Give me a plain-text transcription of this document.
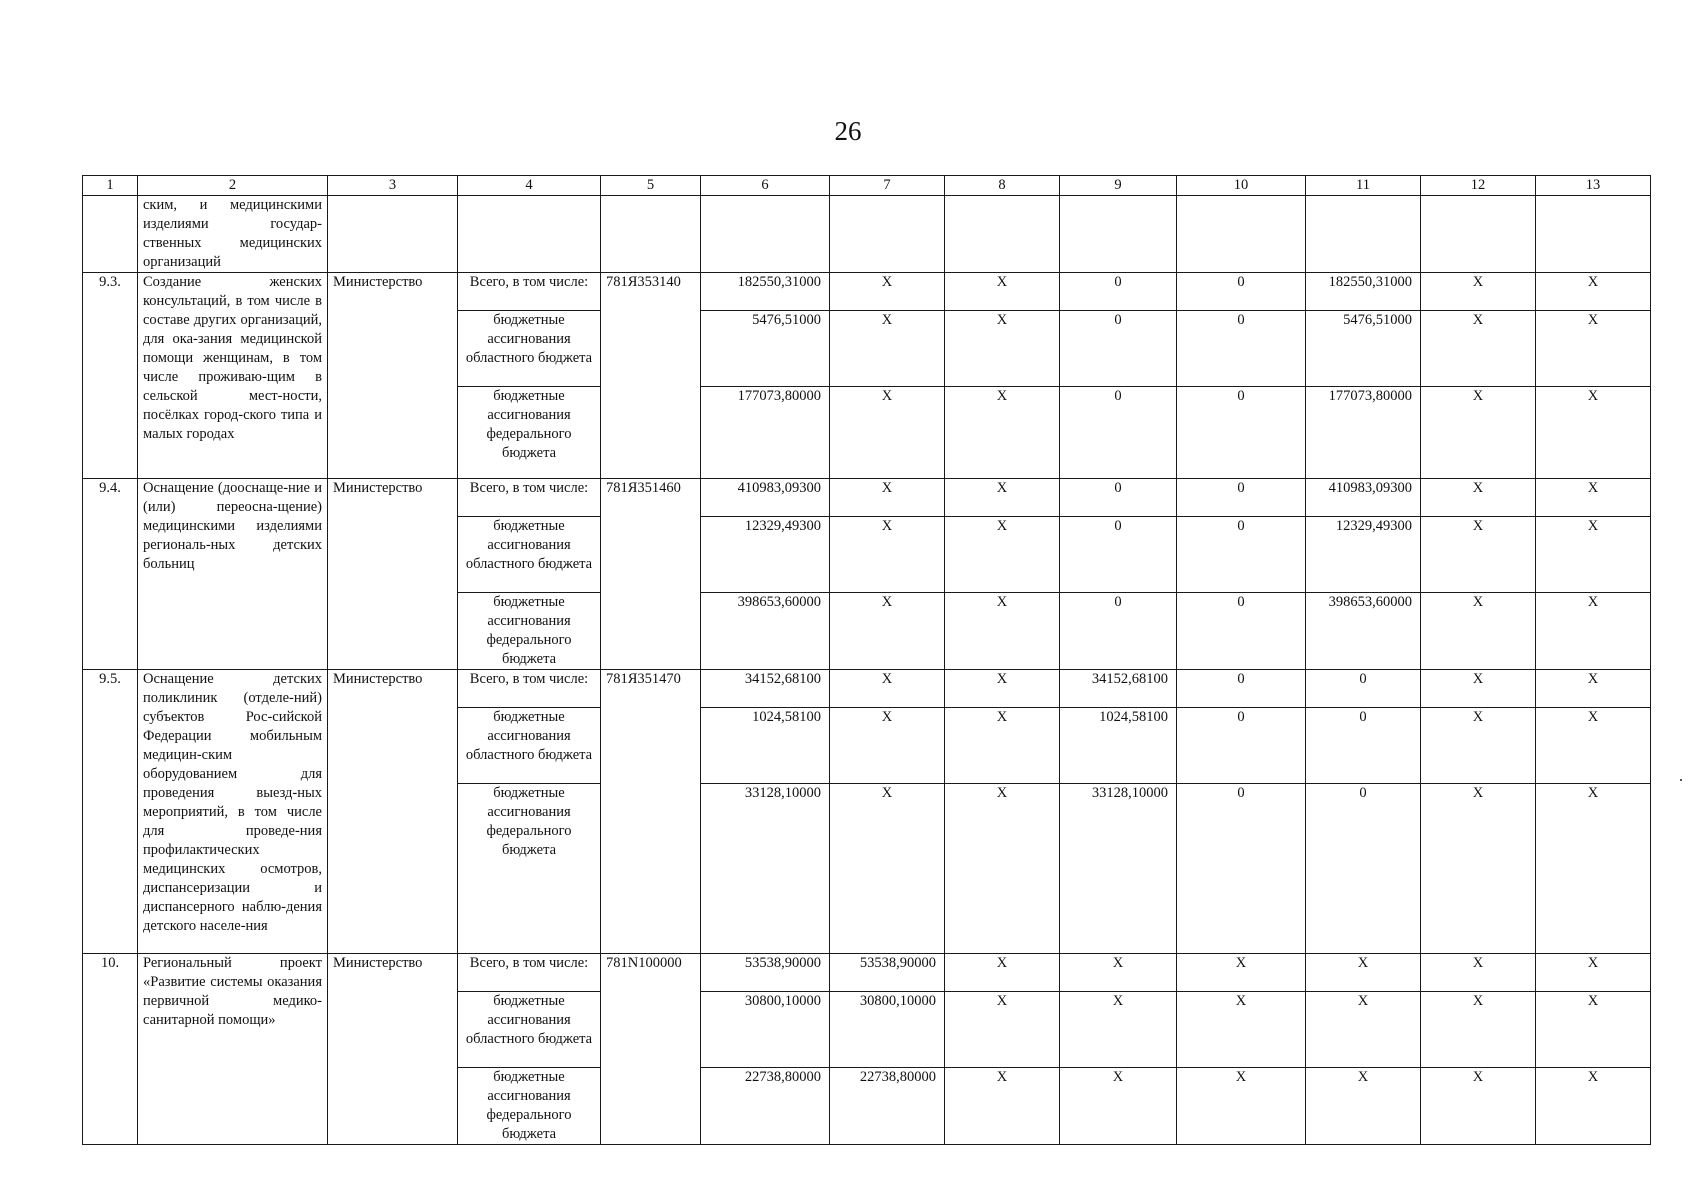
26
1	2	3	4	5	6	7	8	9	10	11	12	13
	ским, и медицинскими изделиями государ-ственных медицинских организаций											
9.3.	Создание женских консультаций, в том числе в составе других организаций, для ока-зания медицинской помощи женщинам, в том числе проживаю-щим в сельской мест-ности, посёлках город-ского типа и малых городах	Министерство	Всего, в том числе:	781Я353140	182550,31000	X	X	0	0	182550,31000	X	X
			бюджетные ассигнования областного бюджета		5476,51000	X	X	0	0	5476,51000	X	X
			бюджетные ассигнования федерального бюджета		177073,80000	X	X	0	0	177073,80000	X	X
9.4.	Оснащение (дооснаще-ние и (или) переосна-щение) медицинскими изделиями региональ-ных детских больниц	Министерство	Всего, в том числе:	781Я351460	410983,09300	X	X	0	0	410983,09300	X	X
			бюджетные ассигнования областного бюджета		12329,49300	X	X	0	0	12329,49300	X	X
			бюджетные ассигнования федерального бюджета		398653,60000	X	X	0	0	398653,60000	X	X
9.5.	Оснащение детских поликлиник (отделе-ний) субъектов Рос-сийской Федерации мобильным медицин-ским оборудованием для проведения выезд-ных мероприятий, в том числе для проведе-ния профилактических медицинских осмотров, диспансеризации и диспансерного наблю-дения детского населе-ния	Министерство	Всего, в том числе:	781Я351470	34152,68100	X	X	34152,68100	0	0	X	X
			бюджетные ассигнования областного бюджета		1024,58100	X	X	1024,58100	0	0	X	X
			бюджетные ассигнования федерального бюджета		33128,10000	X	X	33128,10000	0	0	X	X
10.	Региональный проект «Развитие системы оказания первичной медико-санитарной помощи»	Министерство	Всего, в том числе:	781N100000	53538,90000	53538,90000	X	X	X	X	X	X
			бюджетные ассигнования областного бюджета		30800,10000	30800,10000	X	X	X	X	X	X
			бюджетные ассигнования федерального бюджета		22738,80000	22738,80000	X	X	X	X	X	X
